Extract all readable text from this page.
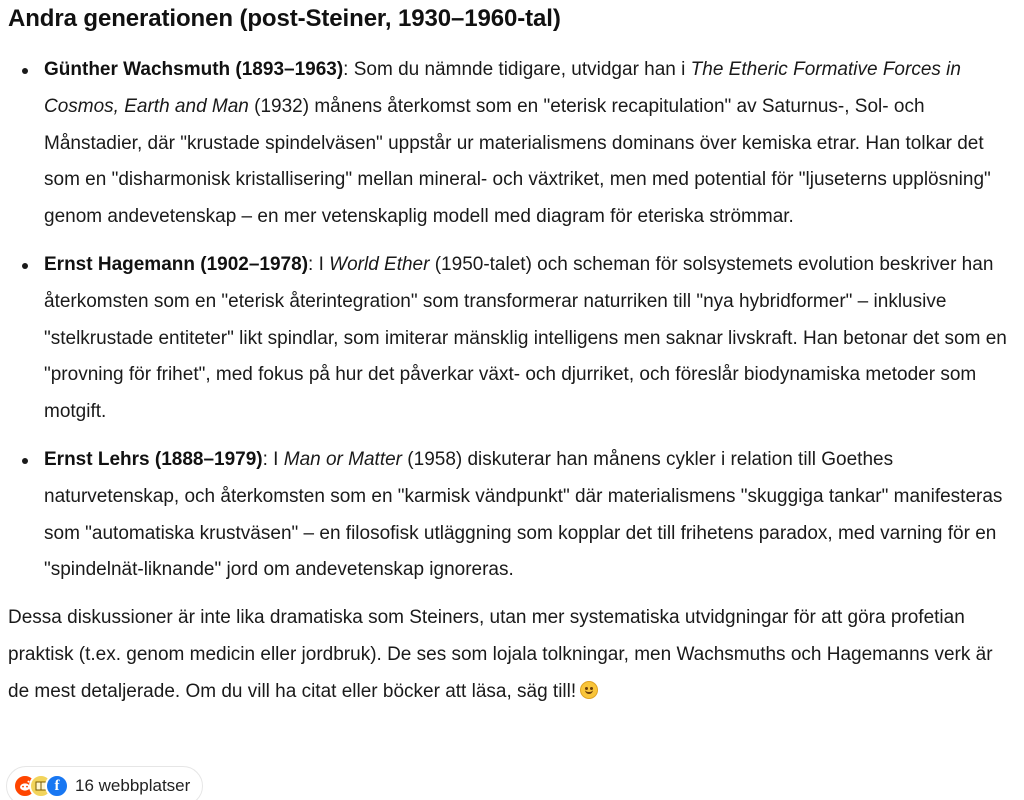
Andra generationen (post-Steiner, 1930–1960-tal)
Günther Wachsmuth (1893–1963): Som du nämnde tidigare, utvidgar han i The Etheric Formative Forces in Cosmos, Earth and Man (1932) månens återkomst som en "eterisk recapitulation" av Saturnus-, Sol- och Månstadier, där "krustade spindelväsen" uppstår ur materialismens dominans över kemiska etrar. Han tolkar det som en "disharmonisk kristallisering" mellan mineral- och växtriket, men med potential för "ljuseterns upplösning" genom andevetenskap – en mer vetenskaplig modell med diagram för eteriska strömmar.
Ernst Hagemann (1902–1978): I World Ether (1950-talet) och scheman för solsystemets evolution beskriver han återkomsten som en "eterisk återintegration" som transformerar naturriken till "nya hybridformer" – inklusive "stelkrustade entiteter" likt spindlar, som imiterar mänsklig intelligens men saknar livskraft. Han betonar det som en "provning för frihet", med fokus på hur det påverkar växt- och djurriket, och föreslår biodynamiska metoder som motgift.
Ernst Lehrs (1888–1979): I Man or Matter (1958) diskuterar han månens cykler i relation till Goethes naturvetenskap, och återkomsten som en "karmisk vändpunkt" där materialismens "skuggiga tankar" manifesteras som "automatiska krustväsen" – en filosofisk utläggning som kopplar det till frihetens paradox, med varning för en "spindelnät-liknande" jord om andevetenskap ignoreras.

Dessa diskussioner är inte lika dramatiska som Steiners, utan mer systematiska utvidgningar för att göra profetian praktisk (t.ex. genom medicin eller jordbruk). De ses som lojala tolkningar, men Wachsmuths och Hagemanns verk är de mest detaljerade. Om du vill ha citat eller böcker att läsa, säg till!

f 16 webbplatser
